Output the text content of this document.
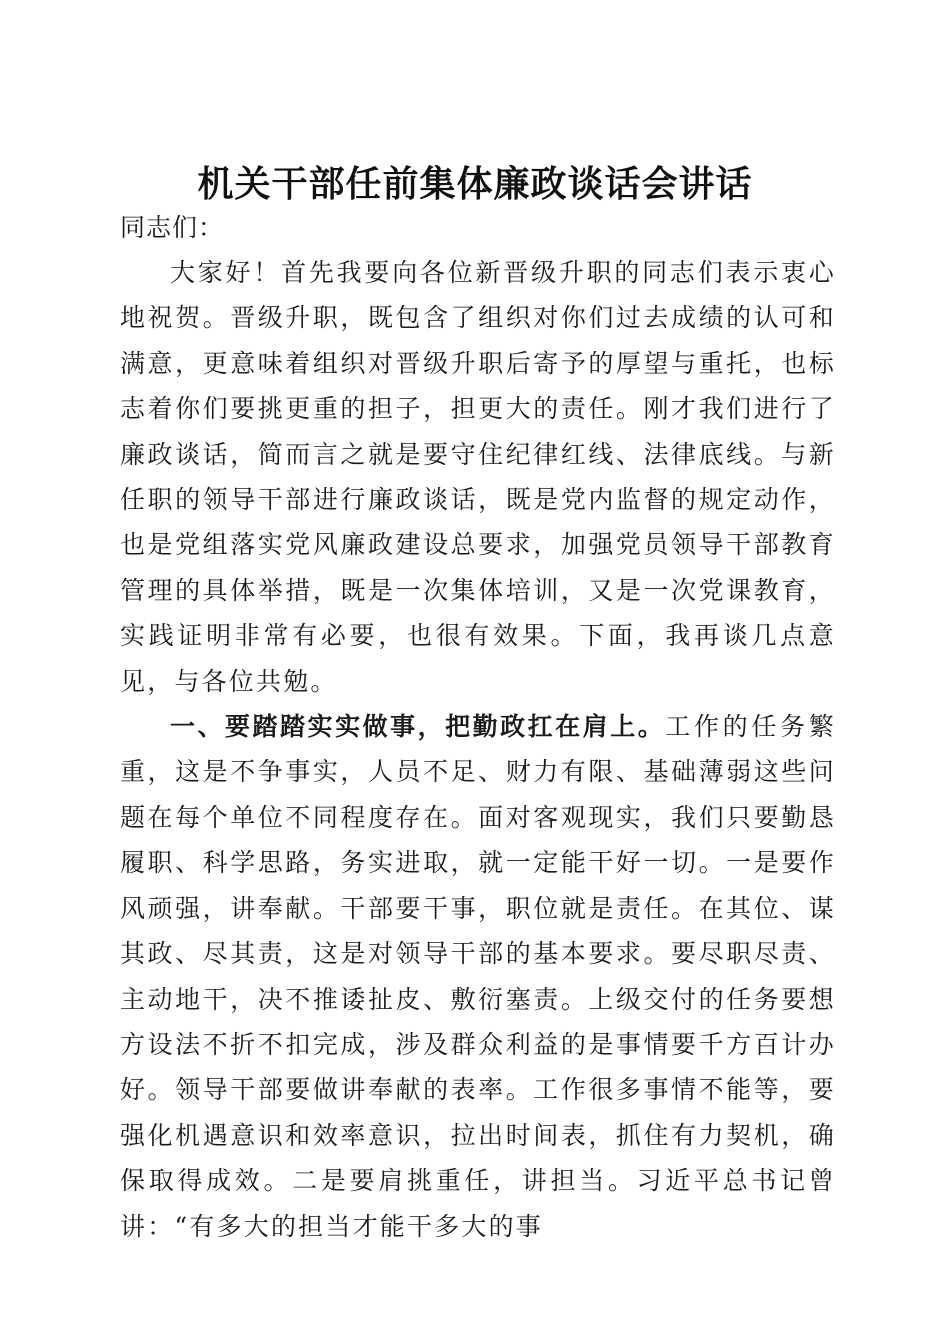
机关干部任前集体廉政谈话会讲话

同志们：

大家好！首先我要向各位新晋级升职的同志们表示衷心地祝贺。晋级升职，既包含了组织对你们过去成绩的认可和满意，更意味着组织对晋级升职后寄予的厚望与重托，也标志着你们要挑更重的担子，担更大的责任。刚才我们进行了廉政谈话，简而言之就是要守住纪律红线、法律底线。与新任职的领导干部进行廉政谈话，既是党内监督的规定动作，也是党组落实党风廉政建设总要求，加强党员领导干部教育管理的具体举措，既是一次集体培训，又是一次党课教育，实践证明非常有必要，也很有效果。下面，我再谈几点意见，与各位共勉。

一、要踏踏实实做事，把勤政扛在肩上。工作的任务繁重，这是不争事实，人员不足、财力有限、基础薄弱这些问题在每个单位不同程度存在。面对客观现实，我们只要勤恳履职、科学思路，务实进取，就一定能干好一切。一是要作风顽强，讲奉献。干部要干事，职位就是责任。在其位、谋其政、尽其责，这是对领导干部的基本要求。要尽职尽责、主动地干，决不推诿扯皮、敷衍塞责。上级交付的任务要想方设法不折不扣完成，涉及群众利益的是事情要千方百计办好。领导干部要做讲奉献的表率。工作很多事情不能等，要强化机遇意识和效率意识，拉出时间表，抓住有力契机，确保取得成效。二是要肩挑重任，讲担当。习近平总书记曾讲：“有多大的担当才能干多大的事
